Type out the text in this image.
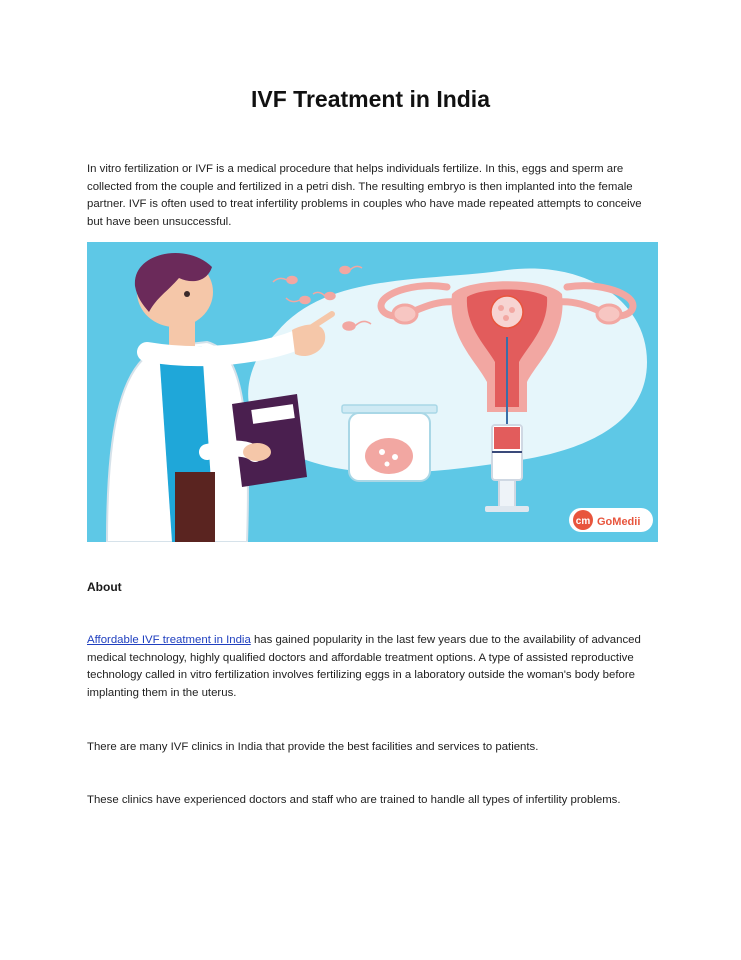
IVF Treatment in India

In vitro fertilization or IVF is a medical procedure that helps individuals fertilize. In this, eggs and sperm are collected from the couple and fertilized in a petri dish. The resulting embryo is then implanted into the female partner. IVF is often used to treat infertility problems in couples who have made repeated attempts to conceive but have been unsuccessful.

cm GoMedii
About

Affordable IVF treatment in India has gained popularity in the last few years due to the availability of advanced medical technology, highly qualified doctors and affordable treatment options. A type of assisted reproductive technology called in vitro fertilization involves fertilizing eggs in a laboratory outside the woman's body before implanting them in the uterus.

There are many IVF clinics in India that provide the best facilities and services to patients.

These clinics have experienced doctors and staff who are trained to handle all types of infertility problems.
